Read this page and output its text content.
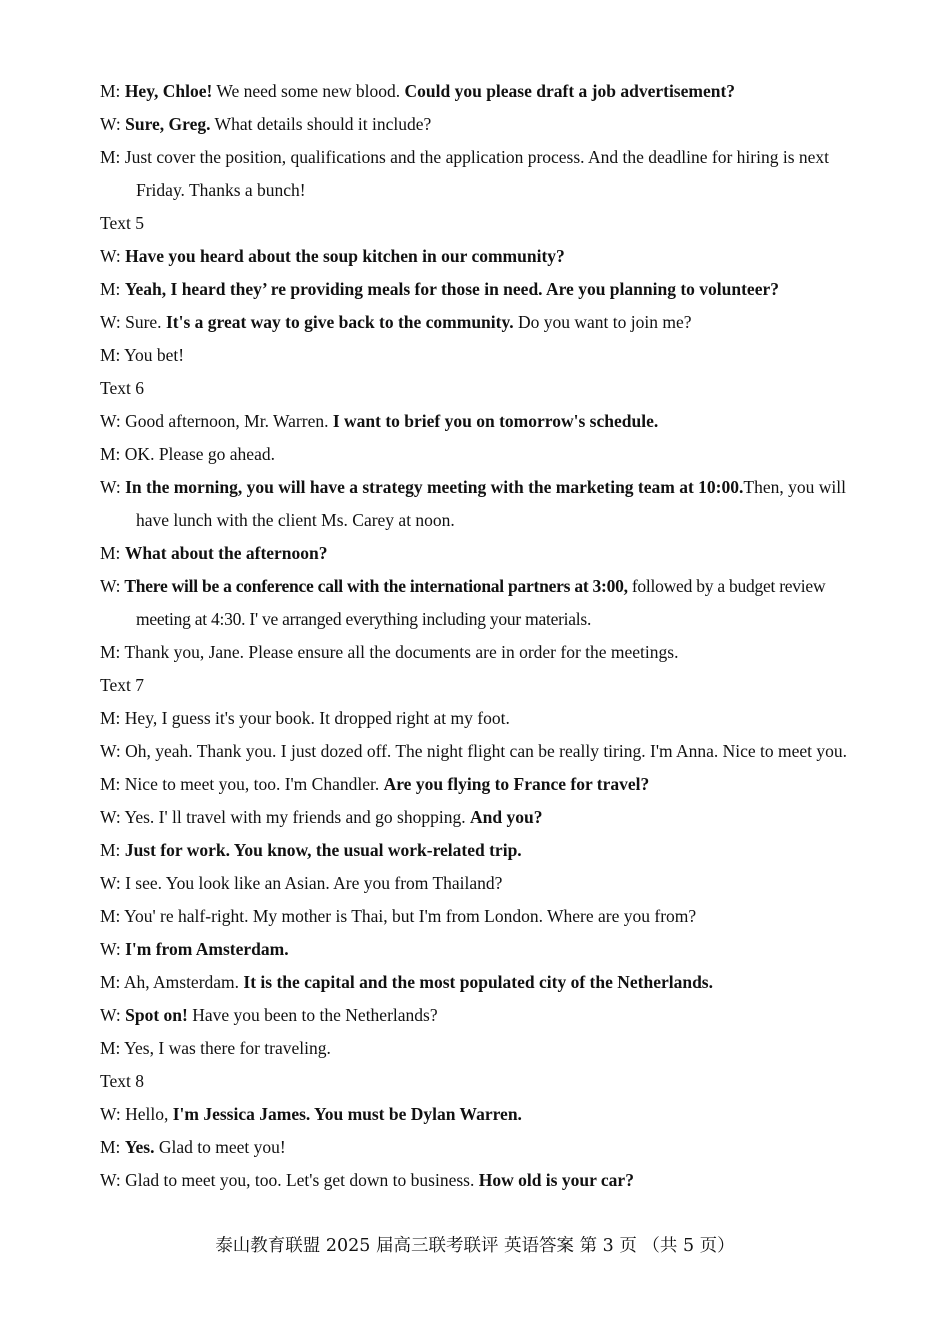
M: Hey, Chloe! We need some new blood. Could you please draft a job advertisement?
W: Sure, Greg. What details should it include?
M: Just cover the position, qualifications and the application process. And the deadline for hiring is next Friday. Thanks a bunch!
Text 5
W: Have you heard about the soup kitchen in our community?
M: Yeah, I heard they’ re providing meals for those in need. Are you planning to volunteer?
W: Sure. It's a great way to give back to the community. Do you want to join me?
M: You bet!
Text 6
W: Good afternoon, Mr. Warren. I want to brief you on tomorrow's schedule.
M: OK. Please go ahead.
W: In the morning, you will have a strategy meeting with the marketing team at 10:00.Then, you will have lunch with the client Ms. Carey at noon.
M: What about the afternoon?
W: There will be a conference call with the international partners at 3:00, followed by a budget review meeting at 4:30. I' ve arranged everything including your materials.
M: Thank you, Jane. Please ensure all the documents are in order for the meetings.
Text 7
M: Hey, I guess it's your book. It dropped right at my foot.
W: Oh, yeah. Thank you. I just dozed off. The night flight can be really tiring. I'm Anna. Nice to meet you.
M: Nice to meet you, too. I'm Chandler. Are you flying to France for travel?
W: Yes. I' ll travel with my friends and go shopping. And you?
M: Just for work. You know, the usual work-related trip.
W: I see. You look like an Asian. Are you from Thailand?
M: You' re half-right. My mother is Thai, but I'm from London. Where are you from?
W: I'm from Amsterdam.
M: Ah, Amsterdam. It is the capital and the most populated city of the Netherlands.
W: Spot on! Have you been to the Netherlands?
M: Yes, I was there for traveling.
Text 8
W: Hello, I'm Jessica James. You must be Dylan Warren.
M: Yes. Glad to meet you!
W: Glad to meet you, too. Let's get down to business. How old is your car?
泰山教育联盟 2025 届高三联考联评 英语答案 第 3 页 （共 5 页）
